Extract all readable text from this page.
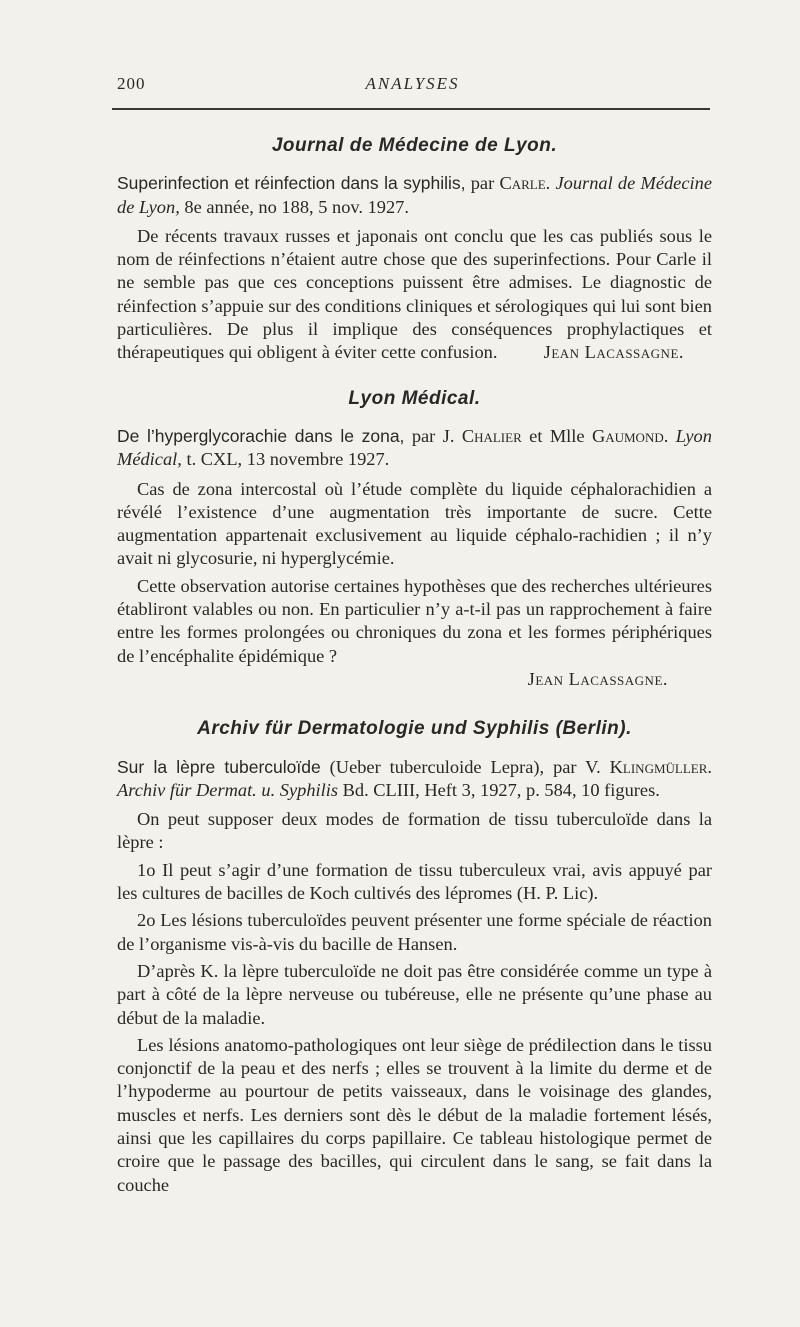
200	ANALYSES
Journal de Médecine de Lyon.
Superinfection et réinfection dans la syphilis, par Carle. Journal de Médecine de Lyon, 8e année, no 188, 5 nov. 1927.

De récents travaux russes et japonais ont conclu que les cas publiés sous le nom de réinfections n’étaient autre chose que des superinfections. Pour Carle il ne semble pas que ces conceptions puissent être admises. Le diagnostic de réinfection s’appuie sur des conditions cliniques et sérologiques qui lui sont bien particulières. De plus il implique des conséquences prophylactiques et thérapeutiques qui obligent à éviter cette confusion.	Jean Lacassagne.

Lyon Médical.
De l’hyperglycorachie dans le zona, par J. Chalier et Mlle Gaumond. Lyon Médical, t. CXL, 13 novembre 1927.

Cas de zona intercostal où l’étude complète du liquide céphalorachidien a révélé l’existence d’une augmentation très importante de sucre. Cette augmentation appartenait exclusivement au liquide céphalo-rachidien ; il n’y avait ni glycosurie, ni hyperglycémie.

Cette observation autorise certaines hypothèses que des recherches ultérieures établiront valables ou non. En particulier n’y a-t-il pas un rapprochement à faire entre les formes prolongées ou chroniques du zona et les formes périphériques de l’encéphalite épidémique ?

Jean Lacassagne.

Archiv für Dermatologie und Syphilis (Berlin).
Sur la lèpre tuberculoïde (Ueber tuberculoide Lepra), par V. Klingmüller. Archiv für Dermat. u. Syphilis Bd. CLIII, Heft 3, 1927, p. 584, 10 figures.

On peut supposer deux modes de formation de tissu tuberculoïde dans la lèpre :

1o Il peut s’agir d’une formation de tissu tuberculeux vrai, avis appuyé par les cultures de bacilles de Koch cultivés des lépromes (H. P. Lic).

2o Les lésions tuberculoïdes peuvent présenter une forme spéciale de réaction de l’organisme vis-à-vis du bacille de Hansen.

D’après K. la lèpre tuberculoïde ne doit pas être considérée comme un type à part à côté de la lèpre nerveuse ou tubéreuse, elle ne présente qu’une phase au début de la maladie.

Les lésions anatomo-pathologiques ont leur siège de prédilection dans le tissu conjonctif de la peau et des nerfs ; elles se trouvent à la limite du derme et de l’hypoderme au pourtour de petits vaisseaux, dans le voisinage des glandes, muscles et nerfs. Les derniers sont dès le début de la maladie fortement lésés, ainsi que les capillaires du corps papillaire. Ce tableau histologique permet de croire que le passage des bacilles, qui circulent dans le sang, se fait dans la couche
